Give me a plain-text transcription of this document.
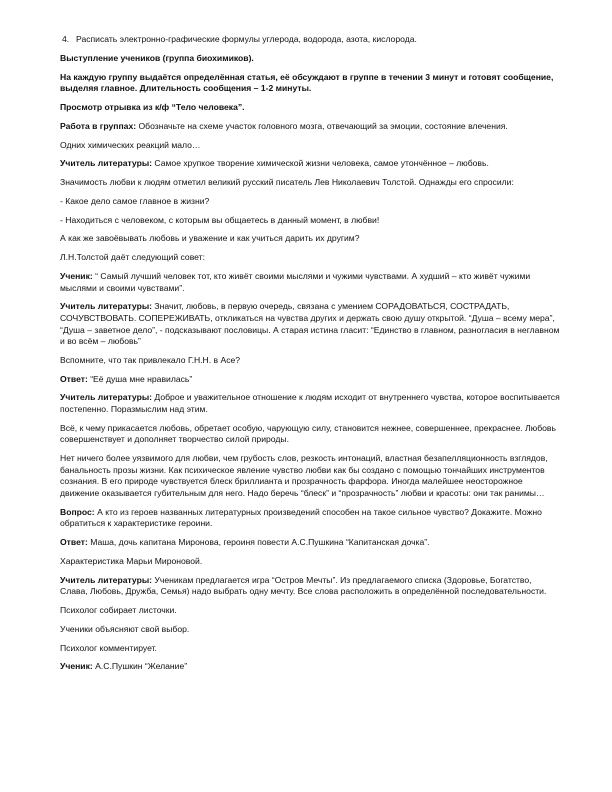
4. Расписать электронно-графические формулы углерода, водорода, азота, кислорода.

Выступление учеников (группа биохимиков).

На каждую группу выдаётся определённая статья, её обсуждают в группе в течении 3 минут и готовят сообщение, выделяя главное. Длительность сообщения – 1-2 минуты.

Просмотр отрывка из к/ф “Тело человека”.

Работа в группах: Обозначьте на схеме участок головного мозга, отвечающий за эмоции, состояние влечения.

Одних химических реакций мало…

Учитель литературы: Самое хрупкое творение химической жизни человека, самое утончённое – любовь.

Значимость любви к людям отметил великий русский писатель Лев Николаевич Толстой. Однажды его спросили:

- Какое дело самое главное в жизни?

- Находиться с человеком, с которым вы общаетесь в данный момент, в любви!

А как же завоёвывать любовь и уважение и как учиться дарить их другим?

Л.Н.Толстой даёт следующий совет:

Ученик: “ Самый лучший человек тот, кто живёт своими мыслями и чужими чувствами. А худший – кто живёт чужими мыслями и своими чувствами”.

Учитель литературы: Значит, любовь, в первую очередь, связана с умением СОРАДОВАТЬСЯ, СОСТРАДАТЬ, СОЧУВСТВОВАТЬ. СОПЕРЕЖИВАТЬ, откликаться на чувства других и держать свою душу открытой. “Душа – всему мера”, “Душа – заветное дело”, - подсказывают пословицы. А старая истина гласит: “Единство в главном, разногласия в неглавном и во всём – любовь”

Вспомните, что так привлекало Г.Н.Н. в Асе?

Ответ: “Её душа мне нравилась”

Учитель литературы: Доброе и уважительное отношение к людям исходит от внутреннего чувства, которое воспитывается постепенно. Поразмыслим над этим.

Всё, к чему прикасается любовь, обретает особую, чарующую силу, становится нежнее, совершеннее, прекраснее. Любовь совершенствует и дополняет творчество силой природы.

Нет ничего более уязвимого для любви, чем грубость слов, резкость интонаций, властная безапелляционность взглядов, банальность прозы жизни. Как психическое явление чувство любви как бы создано с помощью тончайших инструментов сознания. В его природе чувствуется блеск бриллианта и прозрачность фарфора. Иногда малейшее неосторожное движение оказывается губительным для него. Надо беречь “блеск” и “прозрачность” любви и красоты: они так ранимы…

Вопрос: А кто из героев названных литературных произведений способен на такое сильное чувство? Докажите. Можно обратиться к характеристике героини.

Ответ: Маша, дочь капитана Миронова, героиня повести А.С.Пушкина “Капитанская дочка”.

Характеристика Марьи Мироновой.

Учитель литературы: Ученикам предлагается игра “Остров Мечты”. Из предлагаемого списка (Здоровье, Богатство, Слава, Любовь, Дружба, Семья) надо выбрать одну мечту. Все слова расположить в определённой последовательности.

Психолог собирает листочки.

Ученики объясняют свой выбор.

Психолог комментирует.

Ученик: А.С.Пушкин “Желание”
